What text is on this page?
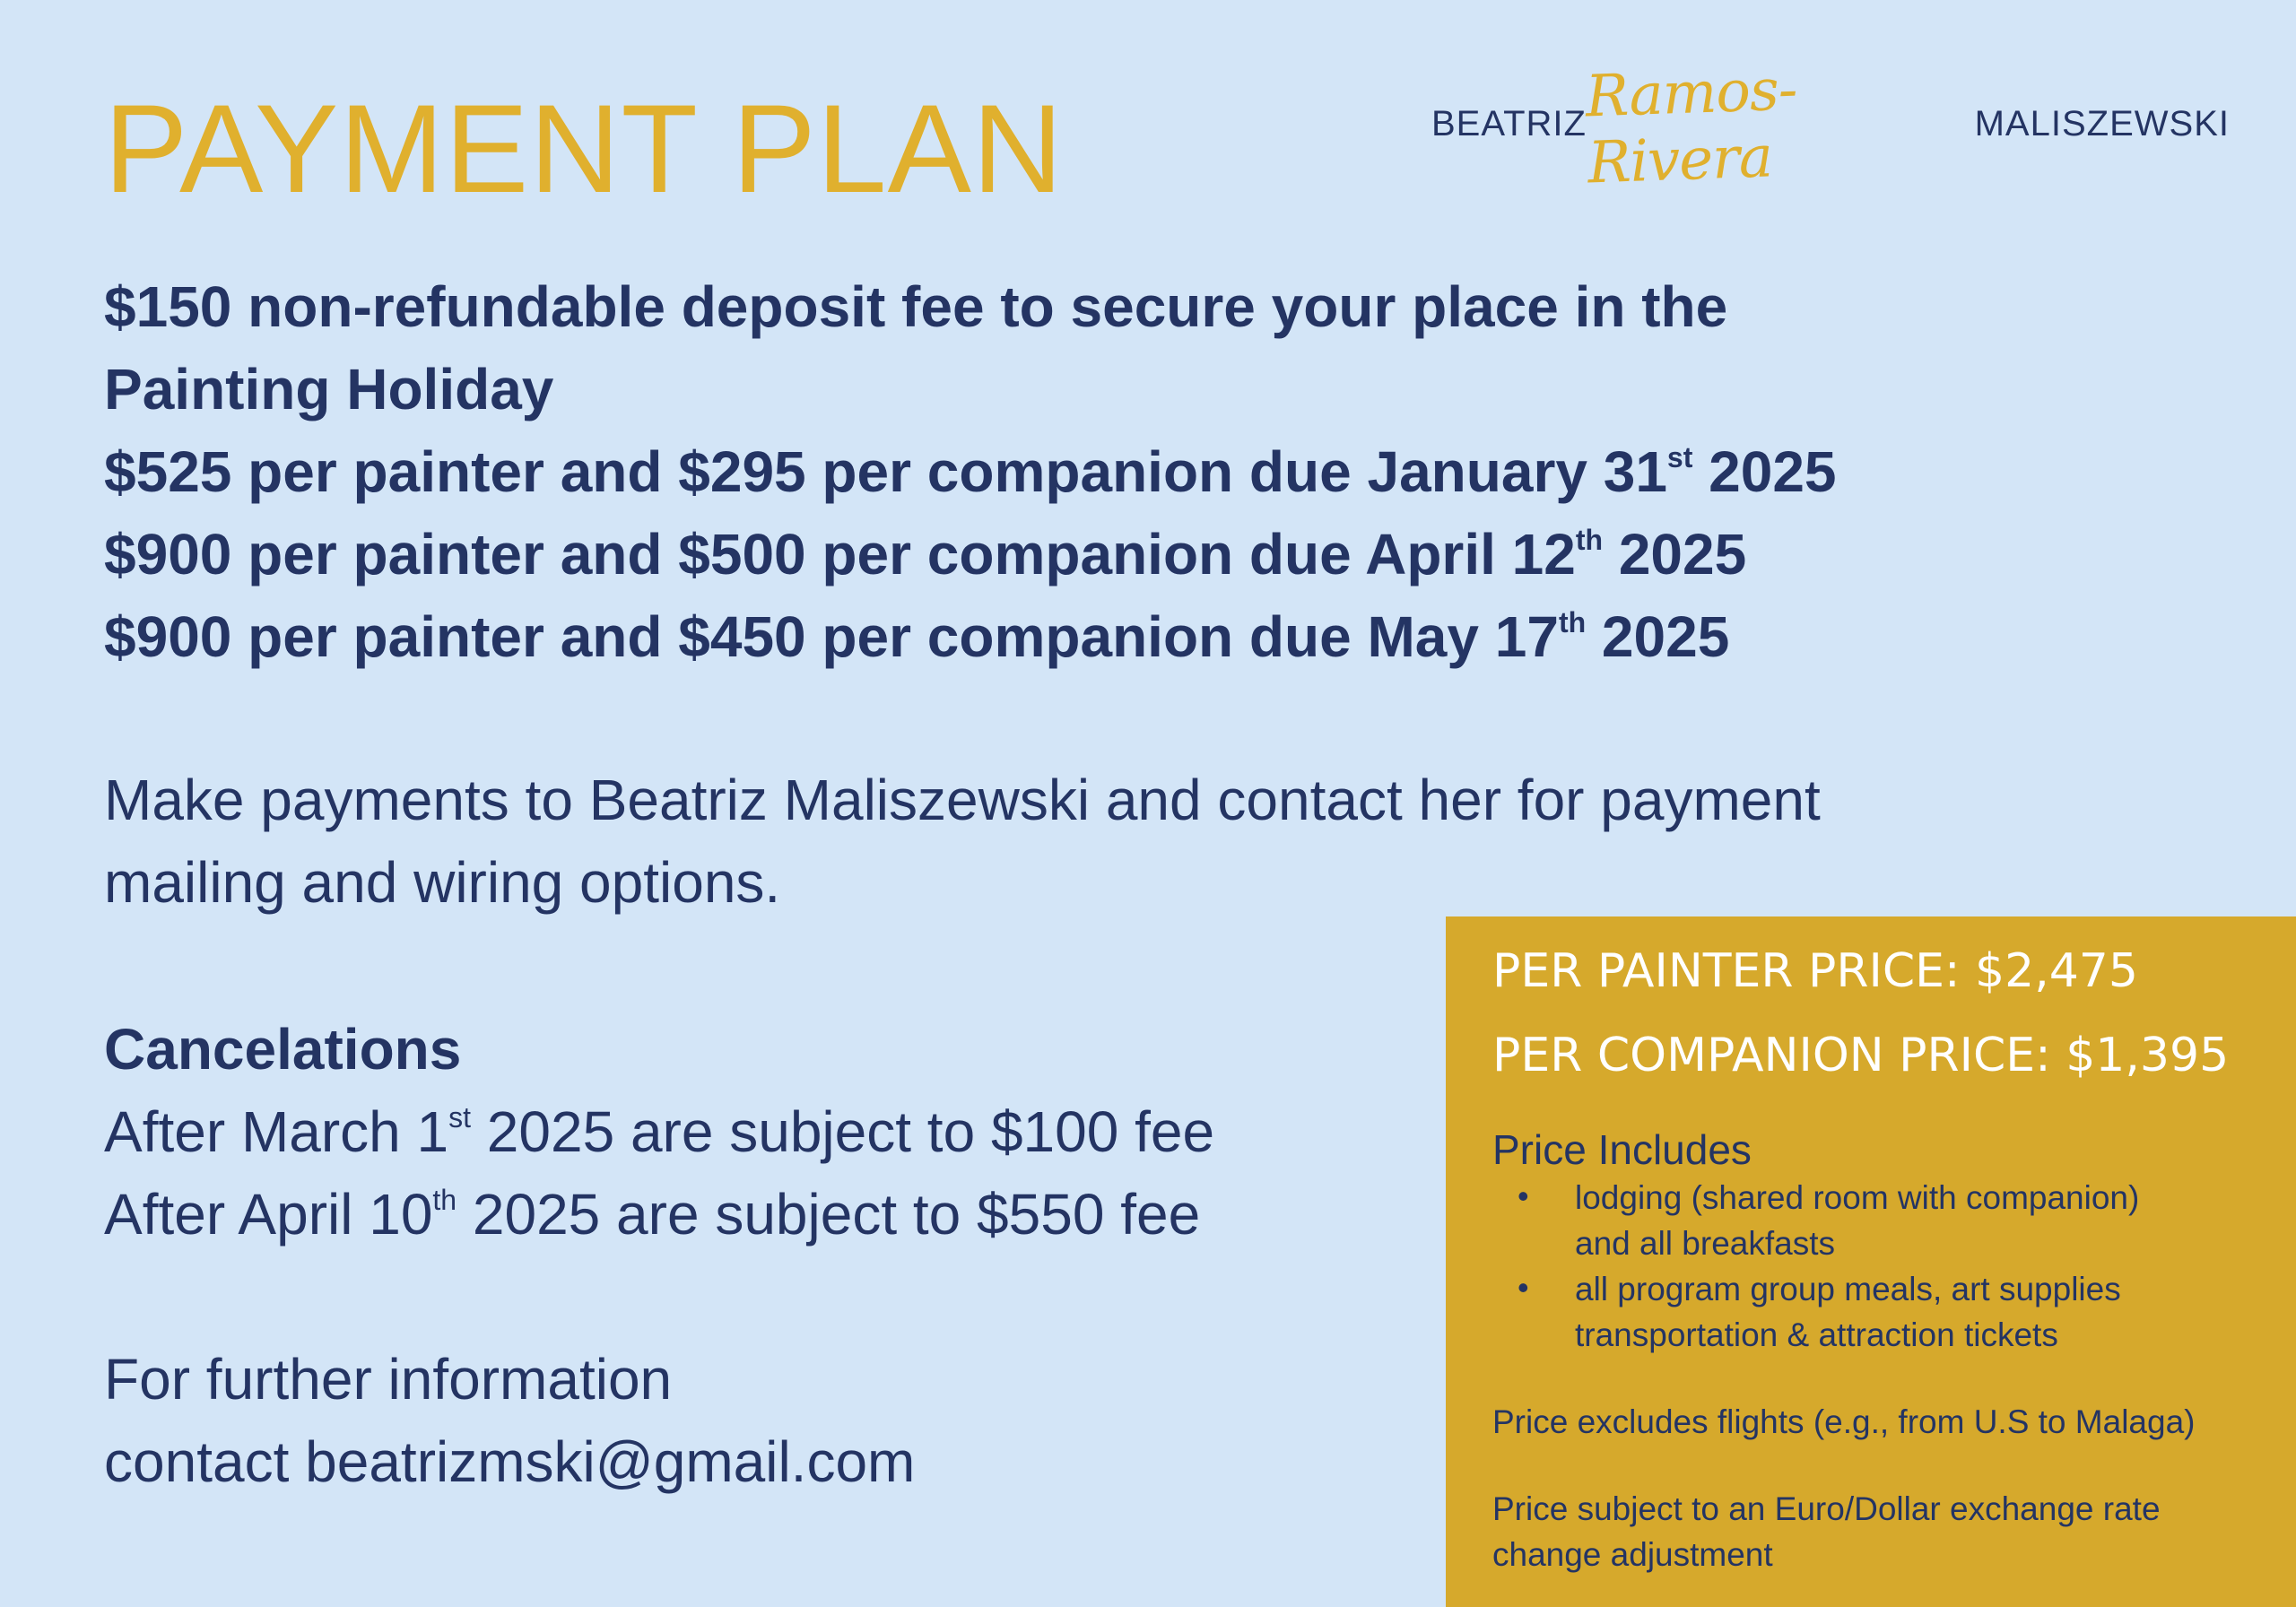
PAYMENT PLAN	BEATRIZ
Ramos-Rivera
MALISZEWSKI
$150 non-refundable deposit fee to secure your place in the
Painting Holiday
$525 per painter and $295 per companion due January 31st 2025
$900 per painter and $500 per companion due April 12th 2025
$900 per painter and $450 per companion due May 17th 2025
Make payments to Beatriz Maliszewski and contact her for payment
mailing and wiring options.
Cancelations
After March 1st 2025 are subject to $100 fee
After April 10th 2025 are subject to $550 fee
For further information
contact beatrizmski@gmail.com
PER PAINTER PRICE: $2,475
PER COMPANION PRICE: $1,395
Price Includes
• lodging (shared room with companion)
and all breakfasts
• all program group meals, art supplies
transportation & attraction tickets
Price excludes flights (e.g., from U.S to Malaga)
Price subject to an Euro/Dollar exchange rate
change adjustment
